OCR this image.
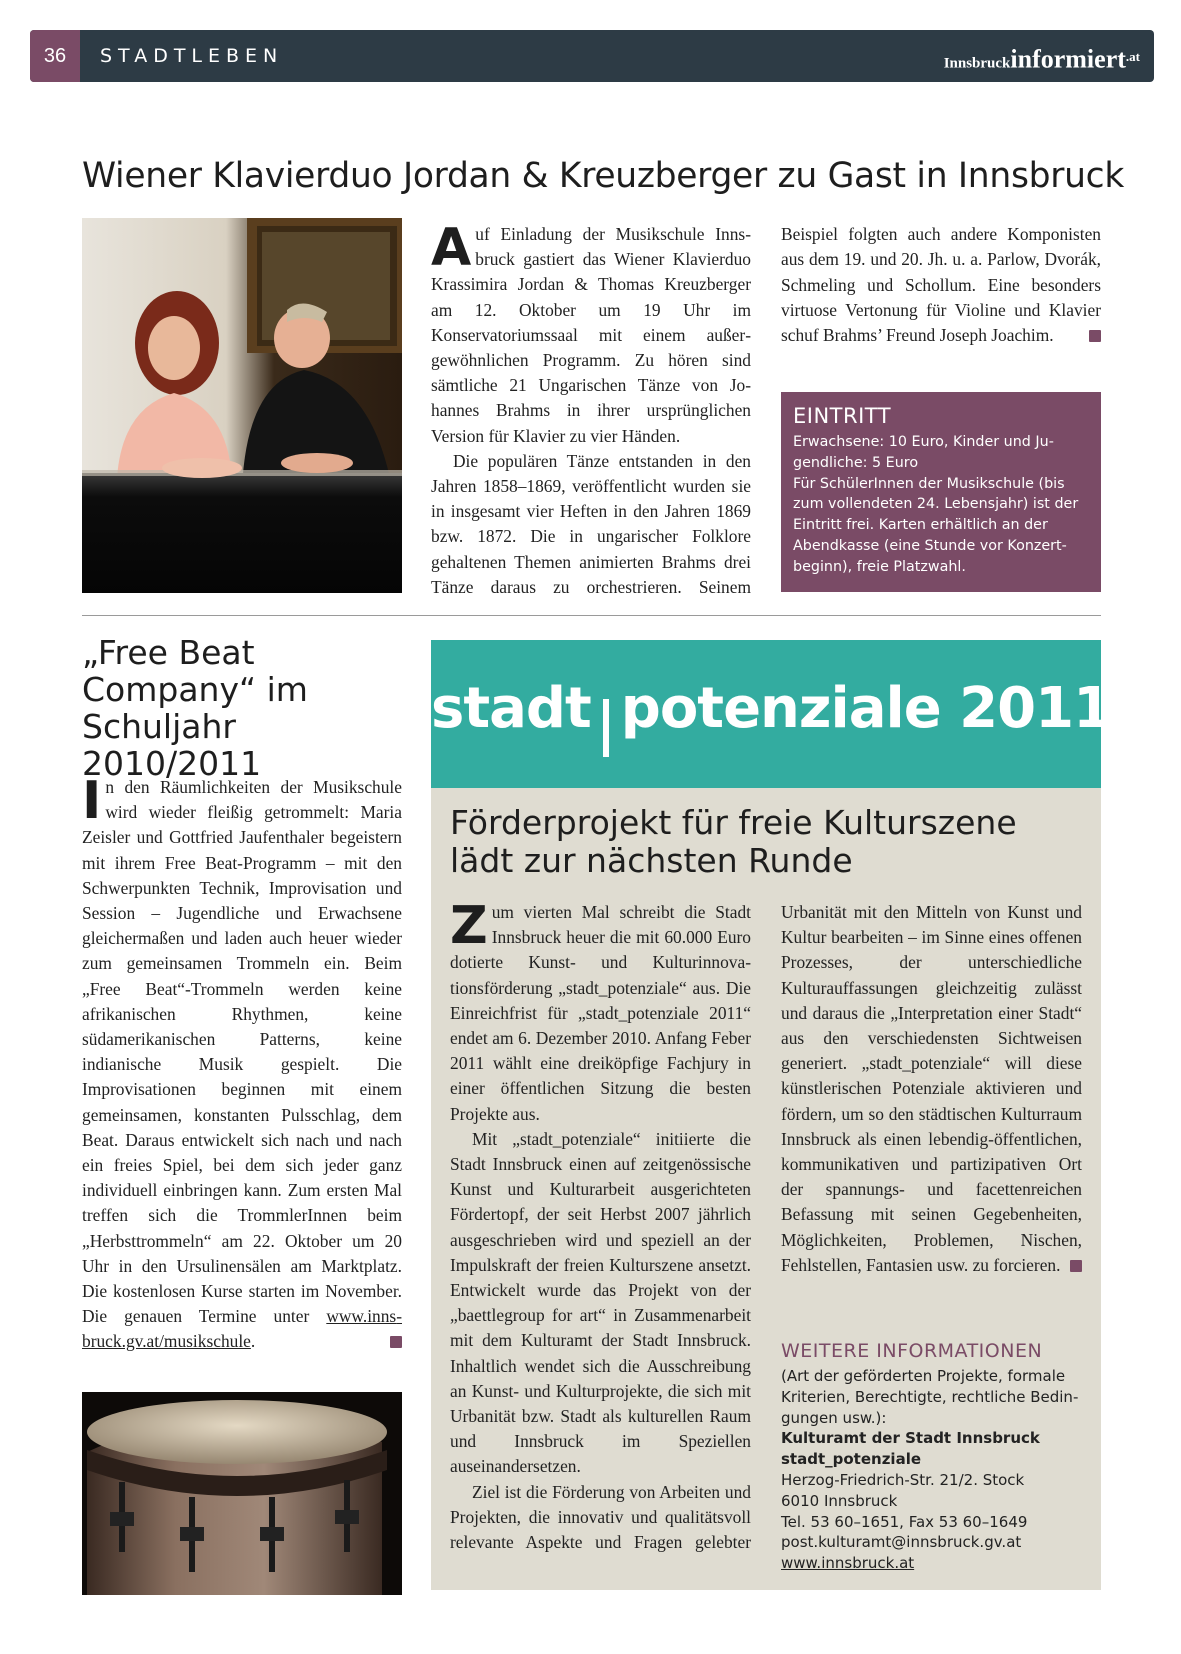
36	STADTLEBEN	Innsbruckinformiert$^{.at}$
Wiener Klavierduo Jordan & Kreuzberger zu Gast in Innsbruck

Auf Einladung der Musikschule Innsbruck gastiert das Wiener Klavierduo Krassimira Jordan & Thomas Kreuzberger am 12. Oktober um 19 Uhr im Konservatoriumssaal mit einem außergewöhnlichen Programm. Zu hören sind sämtliche 21 Ungarischen Tänze von Johannes Brahms in ihrer ursprünglichen Version für Klavier zu vier Händen.

Die populären Tänze entstanden in den Jahren 1858–1869, veröffentlicht wurden sie in insgesamt vier Heften in den Jahren 1869 bzw. 1872. Die in ungarischer Folklore gehaltenen Themen animierten Brahms drei Tänze daraus zu orchestrieren. Seinem

Beispiel folgten auch andere Komponisten aus dem 19. und 20. Jh. u. a. Parlow, Dvorák, Schmeling und Schollum. Eine besonders virtuose Vertonung für Violine und Klavier schuf Brahms’ Freund Joseph Joachim.

EINTRITT
Erwachsene: 10 Euro, Kinder und Jugendliche: 5 Euro
Für SchülerInnen der Musikschule (bis zum vollendeten 24. Lebensjahr) ist der Eintritt frei. Karten erhältlich an der Abendkasse (eine Stunde vor Konzertbeginn), freie Platzwahl.
„Free Beat Company“ im Schuljahr 2010/2011

In den Räumlichkeiten der Musikschule wird wieder fleißig getrommelt: Maria Zeisler und Gottfried Jaufenthaler begeistern mit ihrem Free Beat-Programm – mit den Schwerpunkten Technik, Improvisation und Session – Jugendliche und Erwachsene gleichermaßen und laden auch heuer wieder zum gemeinsamen Trommeln ein. Beim „Free Beat“-Trommeln werden keine afrikanischen Rhythmen, keine südamerikanischen Patterns, keine indianische Musik gespielt. Die Improvisationen beginnen mit einem gemeinsamen, konstanten Pulsschlag, dem Beat. Daraus entwickelt sich nach und nach ein freies Spiel, bei dem sich jeder ganz individuell einbringen kann. Zum ersten Mal treffen sich die TrommlerInnen beim „Herbsttrommeln“ am 22. Oktober um 20 Uhr in den Ursulinensälen am Marktplatz. Die kostenlosen Kurse starten im November. Die genauen Termine unter www.innsbruck.gv.at/musikschule.

stadt potenziale 2011
Förderprojekt für freie Kulturszene lädt zur nächsten Runde

Zum vierten Mal schreibt die Stadt Innsbruck heuer die mit 60.000 Euro dotierte Kunst- und Kulturinnovationsförderung „stadt_potenziale“ aus. Die Einreichfrist für „stadt_potenziale 2011“ endet am 6. Dezember 2010. Anfang Feber 2011 wählt eine dreiköpfige Fachjury in einer öffentlichen Sitzung die besten Projekte aus.

Mit „stadt_potenziale“ initiierte die Stadt Innsbruck einen auf zeitgenössische Kunst und Kulturarbeit ausgerichteten Fördertopf, der seit Herbst 2007 jährlich ausgeschrieben wird und speziell an der Impulskraft der freien Kulturszene ansetzt. Entwickelt wurde das Projekt von der „baettlegroup for art“ in Zusammenarbeit mit dem Kulturamt der Stadt Innsbruck. Inhaltlich wendet sich die Ausschreibung an Kunst- und Kulturprojekte, die sich mit Urbanität bzw. Stadt als kulturellen Raum und Innsbruck im Speziellen auseinandersetzen.

Ziel ist die Förderung von Arbeiten und Projekten, die innovativ und qualitätsvoll relevante Aspekte und Fragen gelebter

Urbanität mit den Mitteln von Kunst und Kultur bearbeiten – im Sinne eines offenen Prozesses, der unterschiedliche Kulturauffassungen gleichzeitig zulässt und daraus die „Interpretation einer Stadt“ aus den verschiedensten Sichtweisen generiert. „stadt_potenziale“ will diese künstlerischen Potenziale aktivieren und fördern, um so den städtischen Kulturraum Innsbruck als einen lebendig-öffentlichen, kommunikativen und partizipativen Ort der spannungs- und facettenreichen Befassung mit seinen Gegebenheiten, Möglichkeiten, Problemen, Nischen, Fehlstellen, Fantasien usw. zu forcieren.

WEITERE INFORMATIONEN
(Art der geförderten Projekte, formale Kriterien, Berechtigte, rechtliche Bedingungen usw.):
Kulturamt der Stadt Innsbruck
stadt_potenziale
Herzog-Friedrich-Str. 21/2. Stock
6010 Innsbruck
Tel. 53 60–1651, Fax 53 60–1649
post.kulturamt@innsbruck.gv.at
www.innsbruck.at
